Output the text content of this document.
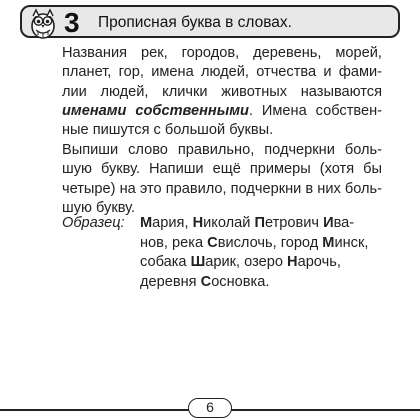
3 Прописная буква в словах.
Названия рек, городов, деревень, морей, планет, гор, имена людей, отчества и фами- лии людей, клички животных называются именами собственными. Имена собствен- ные пишутся с большой буквы.
Выпиши слово правильно, подчеркни боль- шую букву. Напиши ещё примеры (хотя бы четыре) на это правило, подчеркни в них боль- шую букву.
Образец: Мария, Николай Петрович Ива-
нов, река Свислочь, город Минск,
собака Шарик, озеро Нарочь,
деревня Сосновка.
6
